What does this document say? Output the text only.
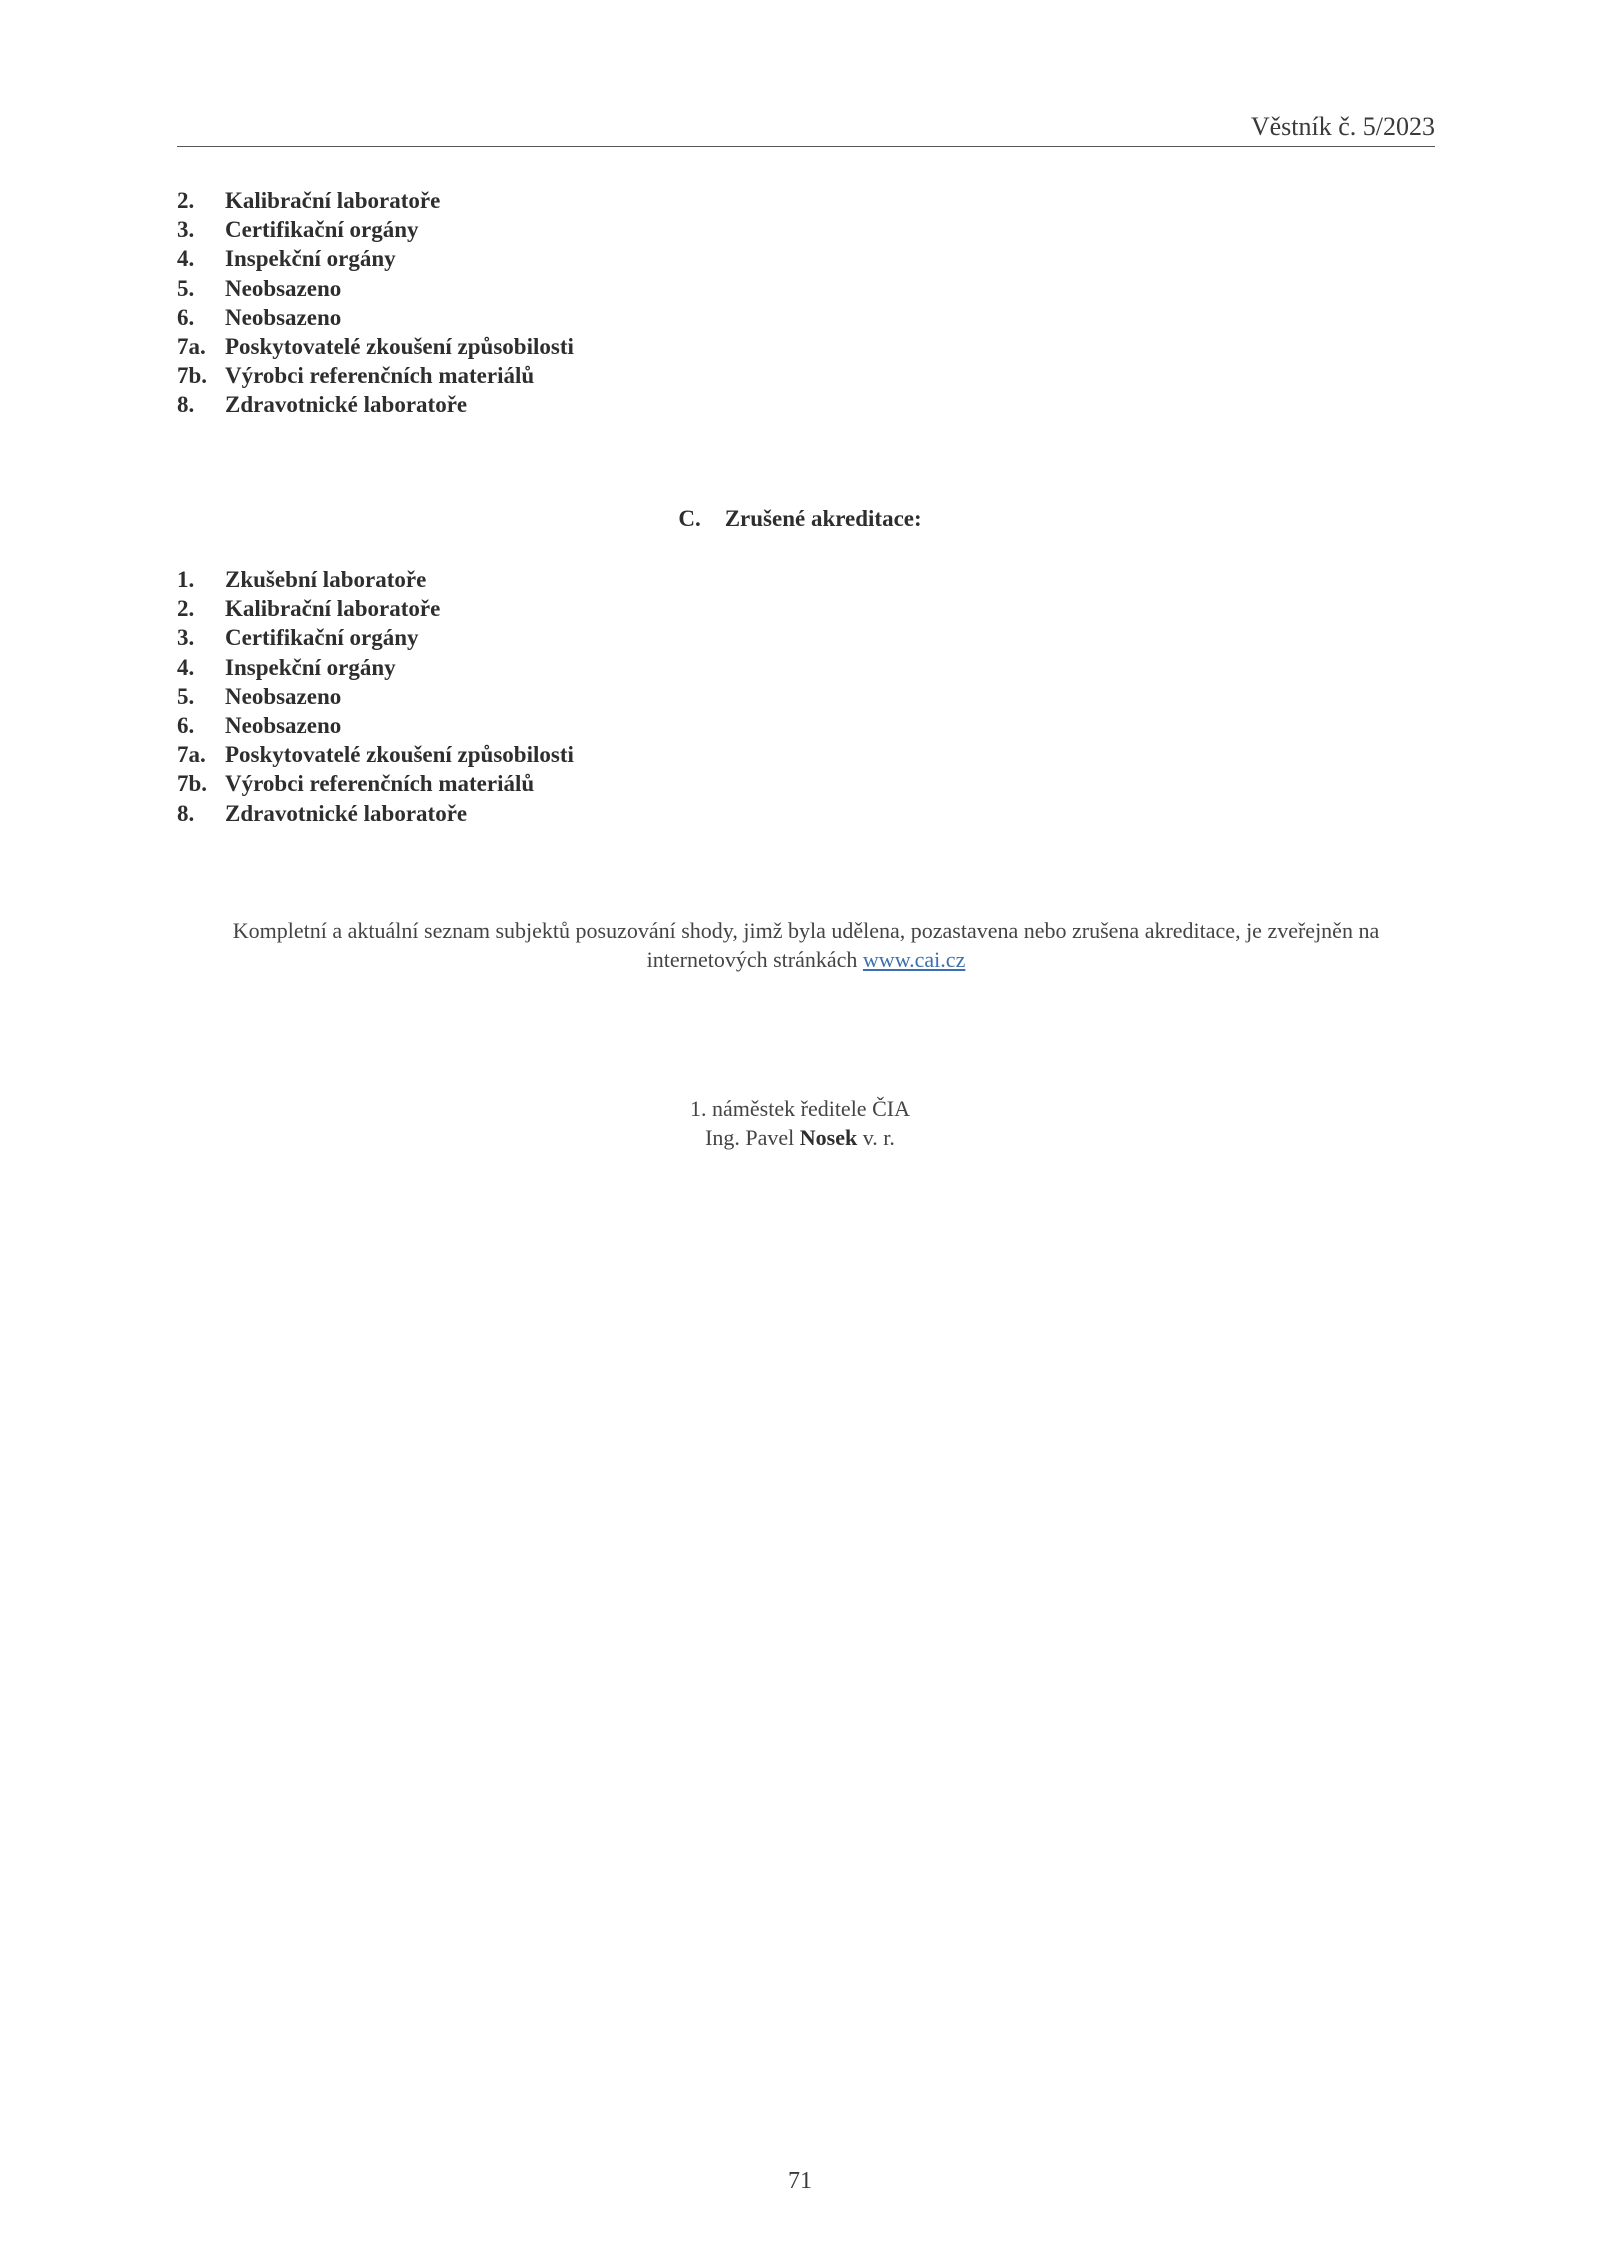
Věstník č. 5/2023
2.	Kalibrační laboratoře
3.	Certifikační orgány
4.	Inspekční orgány
5.	Neobsazeno
6.	Neobsazeno
7a. Poskytovatelé zkoušení způsobilosti
7b. Výrobci referenčních materiálů
8.	Zdravotnické laboratoře
C. Zrušené akreditace:
1.	Zkušební laboratoře
2.	Kalibrační laboratoře
3.	Certifikační orgány
4.	Inspekční orgány
5.	Neobsazeno
6.	Neobsazeno
7a. Poskytovatelé zkoušení způsobilosti
7b. Výrobci referenčních materiálů
8.	Zdravotnické laboratoře
Kompletní a aktuální seznam subjektů posuzování shody, jimž byla udělena, pozastavena nebo zrušena akreditace, je zveřejněn na internetových stránkách www.cai.cz
1. náměstek ředitele ČIA
Ing. Pavel Nosek v. r.
71
